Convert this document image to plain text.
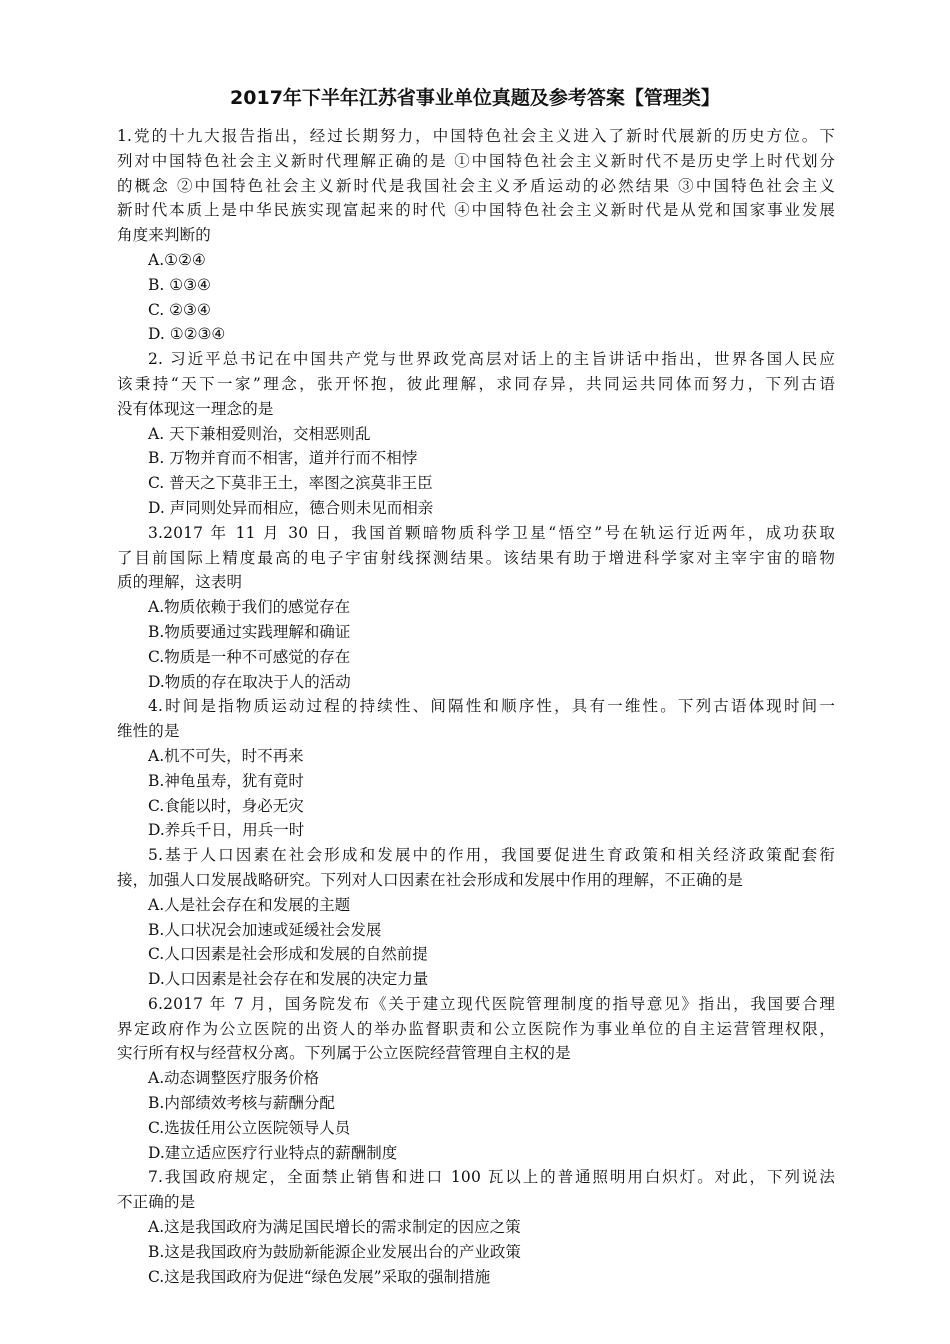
2017年下半年江苏省事业单位真题及参考答案【管理类】
1.党的十九大报告指出，经过长期努力，中国特色社会主义进入了新时代展新的历史方位。下
列对中国特色社会主义新时代理解正确的是 ①中国特色社会主义新时代不是历史学上时代划分
的概念 ②中国特色社会主义新时代是我国社会主义矛盾运动的必然结果 ③中国特色社会主义
新时代本质上是中华民族实现富起来的时代 ④中国特色社会主义新时代是从党和国家事业发展
角度来判断的
A.①②④
B. ①③④
C. ②③④
D. ①②③④
2. 习近平总书记在中国共产党与世界政党高层对话上的主旨讲话中指出，世界各国人民应
该秉持“天下一家”理念，张开怀抱，彼此理解，求同存异，共同运共同体而努力，下列古语
没有体现这一理念的是
A. 天下兼相爱则治，交相恶则乱
B. 万物并育而不相害，道并行而不相悖
C. 普天之下莫非王土，率图之滨莫非王臣
D. 声同则处异而相应，德合则未见而相亲
3.2017 年 11 月 30 日，我国首颗暗物质科学卫星“悟空”号在轨运行近两年，成功获取
了目前国际上精度最高的电子宇宙射线探测结果。该结果有助于增进科学家对主宰宇宙的暗物
质的理解，这表明
A.物质依赖于我们的感觉存在
B.物质要通过实践理解和确证
C.物质是一种不可感觉的存在
D.物质的存在取决于人的活动
4.时间是指物质运动过程的持续性、间隔性和顺序性，具有一维性。下列古语体现时间一
维性的是
A.机不可失，时不再来
B.神龟虽寿，犹有竟时
C.食能以时，身必无灾
D.养兵千日，用兵一时
5.基于人口因素在社会形成和发展中的作用，我国要促进生育政策和相关经济政策配套衔
接，加强人口发展战略研究。下列对人口因素在社会形成和发展中作用的理解，不正确的是
A.人是社会存在和发展的主题
B.人口状况会加速或延缓社会发展
C.人口因素是社会形成和发展的自然前提
D.人口因素是社会存在和发展的决定力量
6.2017 年 7 月，国务院发布《关于建立现代医院管理制度的指导意见》指出，我国要合理
界定政府作为公立医院的出资人的举办监督职责和公立医院作为事业单位的自主运营管理权限，
实行所有权与经营权分离。下列属于公立医院经营管理自主权的是
A.动态调整医疗服务价格
B.内部绩效考核与薪酬分配
C.选拔任用公立医院领导人员
D.建立适应医疗行业特点的薪酬制度
7.我国政府规定，全面禁止销售和进口 100 瓦以上的普通照明用白炽灯。对此，下列说法
不正确的是
A.这是我国政府为满足国民增长的需求制定的因应之策
B.这是我国政府为鼓励新能源企业发展出台的产业政策
C.这是我国政府为促进“绿色发展”采取的强制措施
